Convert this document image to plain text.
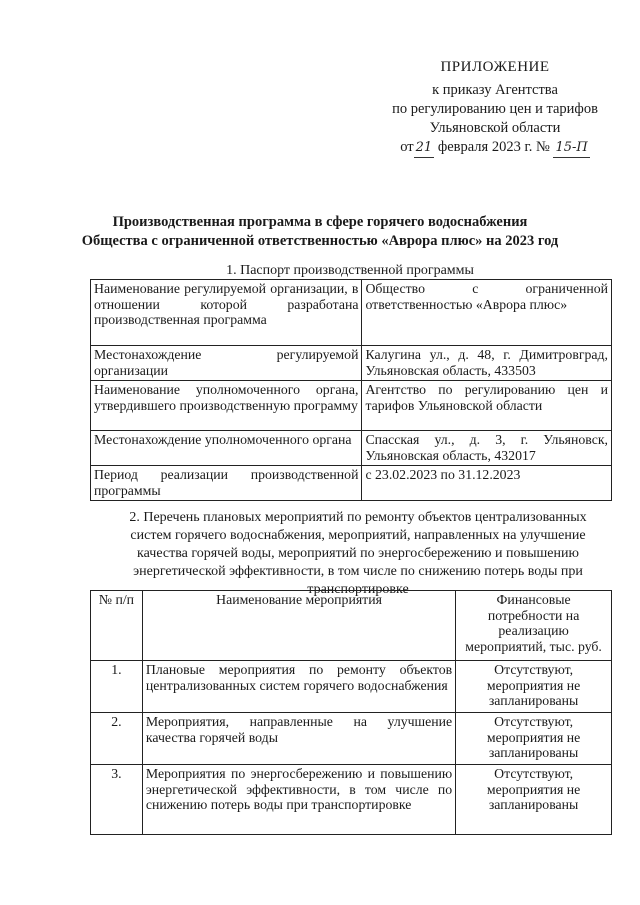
ПРИЛОЖЕНИЕ
к приказу Агентства
по регулированию цен и тарифов
Ульяновской области
от 21 февраля 2023 г. № 15-П
Производственная программа в сфере горячего водоснабжения
Общества с ограниченной ответственностью «Аврора плюс» на 2023 год
1. Паспорт производственной программы
Наименование регулируемой организации, в отношении которой разработана производственная программа	Общество с ограниченной ответственностью «Аврора плюс»
Местонахождение регулируемой организации	Калугина ул., д. 48, г. Димитровград, Ульяновская область, 433503
Наименование уполномоченного органа, утвердившего производственную программу	Агентство по регулированию цен и тарифов Ульяновской области
Местонахождение уполномоченного органа	Спасская ул., д. 3, г. Ульяновск, Ульяновская область, 432017
Период реализации производственной программы	с 23.02.2023 по 31.12.2023
2. Перечень плановых мероприятий по ремонту объектов централизованных систем горячего водоснабжения, мероприятий, направленных на улучшение качества горячей воды, мероприятий по энергосбережению и повышению энергетической эффективности, в том числе по снижению потерь воды при транспортировке
№ п/п	Наименование мероприятия	Финансовые потребности на реализацию мероприятий, тыс. руб.
1.	Плановые мероприятия по ремонту объектов централизованных систем горячего водоснабжения	Отсутствуют, мероприятия не запланированы
2.	Мероприятия, направленные на улучшение качества горячей воды	Отсутствуют, мероприятия не запланированы
3.	Мероприятия по энергосбережению и повышению энергетической эффективности, в том числе по снижению потерь воды при транспортировке	Отсутствуют, мероприятия не запланированы
